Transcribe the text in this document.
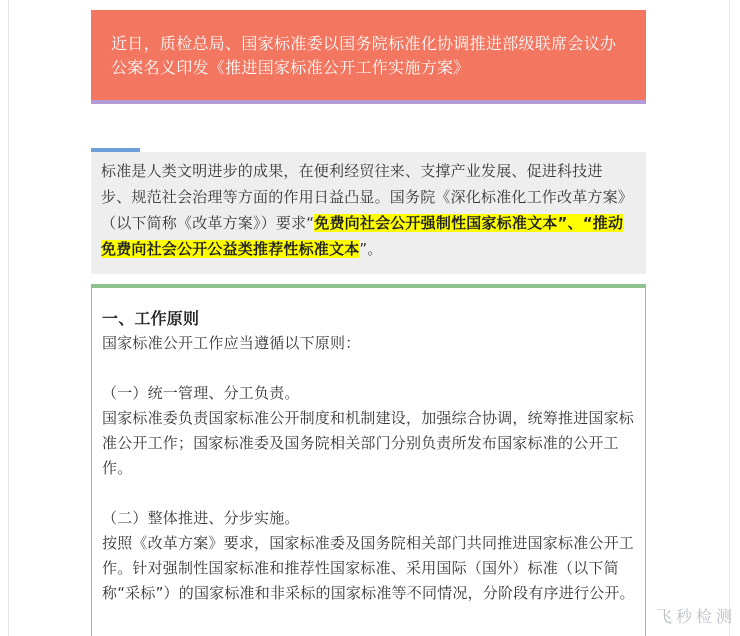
近日，质检总局、国家标准委以国务院标准化协调推进部级联席会议办公案名义印发《推进国家标准公开工作实施方案》
标准是人类文明进步的成果，在便利经贸往来、支撑产业发展、促进科技进步、规范社会治理等方面的作用日益凸显。国务院《深化标准化工作改革方案》（以下简称《改革方案》）要求“免费向社会公开强制性国家标准文本”、“推动免费向社会公开公益类推荐性标准文本”。
一、工作原则
国家标准公开工作应当遵循以下原则：
（一）统一管理、分工负责。
国家标准委负责国家标准公开制度和机制建设，加强综合协调，统筹推进国家标准公开工作；国家标准委及国务院相关部门分别负责所发布国家标准的公开工作。
（二）整体推进、分步实施。
按照《改革方案》要求，国家标准委及国务院相关部门共同推进国家标准公开工作。针对强制性国家标准和推荐性国家标准、采用国际（国外）标准（以下简称“采标”）的国家标准和非采标的国家标准等不同情况，分阶段有序进行公开。
飞秒检测
